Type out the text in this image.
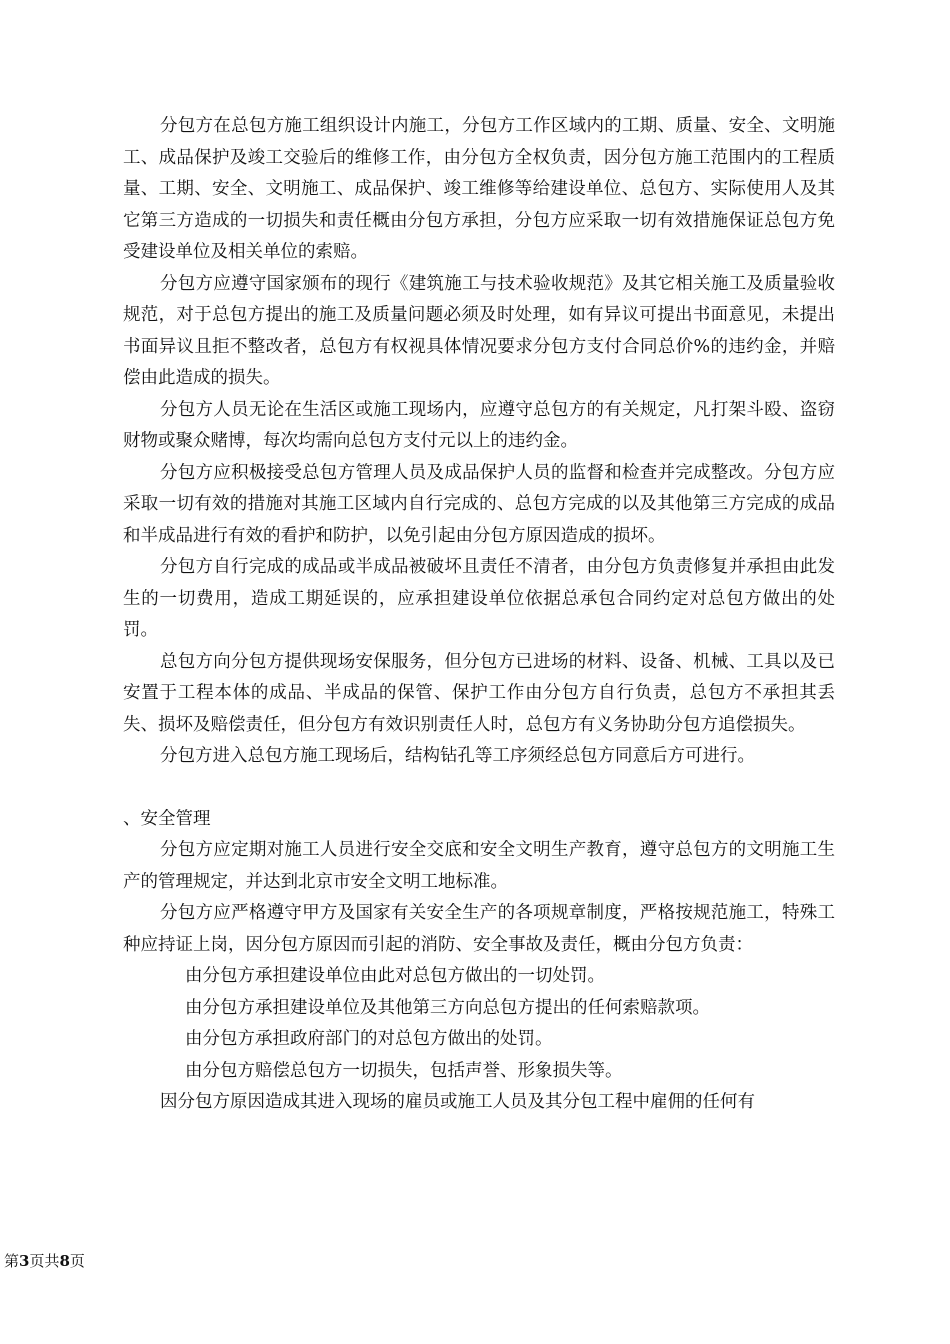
分包方在总包方施工组织设计内施工，分包方工作区域内的工期、质量、安全、文明施工、成品保护及竣工交验后的维修工作，由分包方全权负责，因分包方施工范围内的工程质量、工期、安全、文明施工、成品保护、竣工维修等给建设单位、总包方、实际使用人及其它第三方造成的一切损失和责任概由分包方承担，分包方应采取一切有效措施保证总包方免受建设单位及相关单位的索赔。

分包方应遵守国家颁布的现行《建筑施工与技术验收规范》及其它相关施工及质量验收规范，对于总包方提出的施工及质量问题必须及时处理，如有异议可提出书面意见，未提出书面异议且拒不整改者，总包方有权视具体情况要求分包方支付合同总价%的违约金，并赔偿由此造成的损失。

分包方人员无论在生活区或施工现场内，应遵守总包方的有关规定，凡打架斗殴、盗窃财物或聚众赌博，每次均需向总包方支付元以上的违约金。

分包方应积极接受总包方管理人员及成品保护人员的监督和检查并完成整改。分包方应采取一切有效的措施对其施工区域内自行完成的、总包方完成的以及其他第三方完成的成品和半成品进行有效的看护和防护，以免引起由分包方原因造成的损坏。

分包方自行完成的成品或半成品被破坏且责任不清者，由分包方负责修复并承担由此发生的一切费用，造成工期延误的，应承担建设单位依据总承包合同约定对总包方做出的处罚。

总包方向分包方提供现场安保服务，但分包方已进场的材料、设备、机械、工具以及已安置于工程本体的成品、半成品的保管、保护工作由分包方自行负责，总包方不承担其丢失、损坏及赔偿责任，但分包方有效识别责任人时，总包方有义务协助分包方追偿损失。

分包方进入总包方施工现场后，结构钻孔等工序须经总包方同意后方可进行。

、安全管理

分包方应定期对施工人员进行安全交底和安全文明生产教育，遵守总包方的文明施工生产的管理规定，并达到北京市安全文明工地标准。

分包方应严格遵守甲方及国家有关安全生产的各项规章制度，严格按规范施工，特殊工种应持证上岗，因分包方原因而引起的消防、安全事故及责任，概由分包方负责：

由分包方承担建设单位由此对总包方做出的一切处罚。

由分包方承担建设单位及其他第三方向总包方提出的任何索赔款项。

由分包方承担政府部门的对总包方做出的处罚。

由分包方赔偿总包方一切损失，包括声誉、形象损失等。

因分包方原因造成其进入现场的雇员或施工人员及其分包工程中雇佣的任何有

第3页共8页
